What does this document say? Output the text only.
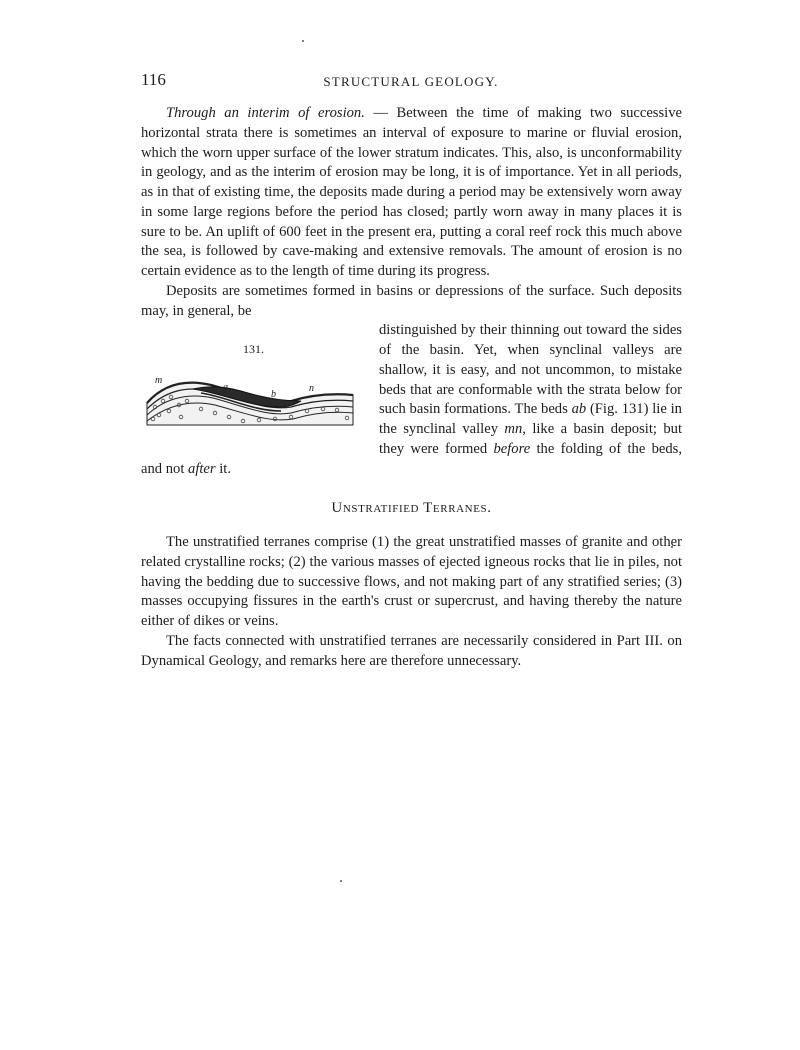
116	STRUCTURAL GEOLOGY.

Through an interim of erosion. — Between the time of making two successive horizontal strata there is sometimes an interval of exposure to marine or fluvial erosion, which the worn upper surface of the lower stratum indicates. This, also, is unconformability in geology, and as the interim of erosion may be long, it is of importance. Yet in all periods, as in that of existing time, the deposits made during a period may be extensively worn away in some large regions before the period has closed; partly worn away in many places it is sure to be. An uplift of 600 feet in the present era, putting a coral reef rock this much above the sea, is followed by cave-making and extensive removals. The amount of erosion is no certain evidence as to the length of time during its progress.

Deposits are sometimes formed in basins or depressions of the surface. Such deposits may, in general, be

131.
m
a
b
n
distinguished by their thinning out toward the sides of the basin. Yet, when synclinal valleys are shallow, it is easy, and not uncommon, to mistake beds that are conformable with the strata below for such basin formations. The beds ab (Fig. 131) lie in the synclinal valley mn, like a basin deposit; but they were formed before the folding of the beds, and not after it.

Unstratified Terranes.

The unstratified terranes comprise (1) the great unstratified masses of granite and other related crystalline rocks; (2) the various masses of ejected igneous rocks that lie in piles, not having the bedding due to successive flows, and not making part of any stratified series; (3) masses occupying fissures in the earth's crust or supercrust, and having thereby the nature either of dikes or veins.

The facts connected with unstratified terranes are necessarily considered in Part III. on Dynamical Geology, and remarks here are therefore unnecessary.
